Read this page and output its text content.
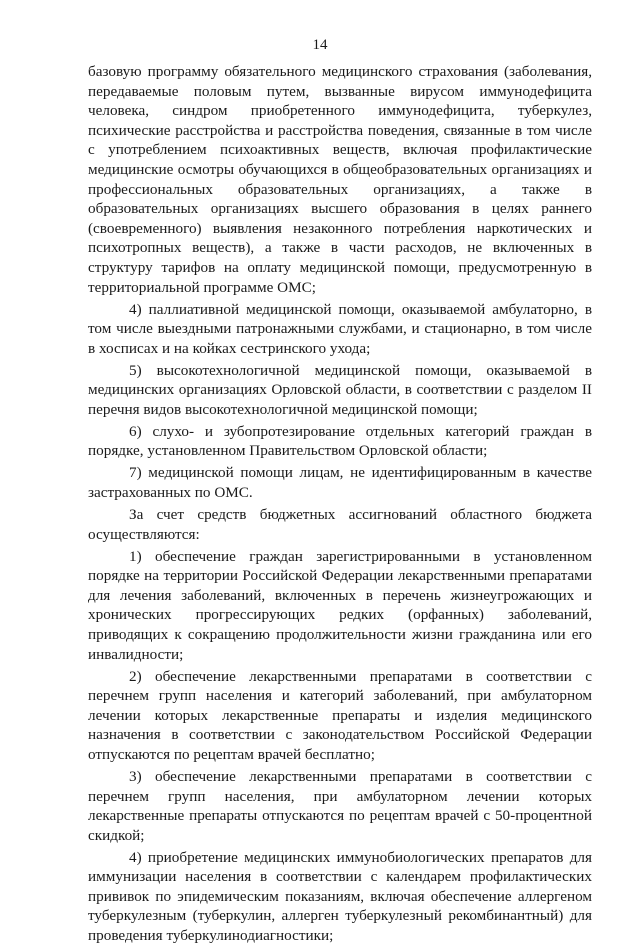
14

базовую программу обязательного медицинского страхования (заболевания, передаваемые половым путем, вызванные вирусом иммунодефицита человека, синдром приобретенного иммунодефицита, туберкулез, психические расстройства и расстройства поведения, связанные в том числе с употреблением психоактивных веществ, включая профилактические медицинские осмотры обучающихся в общеобразовательных организациях и профессиональных образовательных организациях, а также в образовательных организациях высшего образования в целях раннего (своевременного) выявления незаконного потребления наркотических и психотропных веществ), а также в части расходов, не включенных в структуру тарифов на оплату медицинской помощи, предусмотренную в территориальной программе ОМС;

4) паллиативной медицинской помощи, оказываемой амбулаторно, в том числе выездными патронажными службами, и стационарно, в том числе в хосписах и на койках сестринского ухода;

5) высокотехнологичной медицинской помощи, оказываемой в медицинских организациях Орловской области, в соответствии с разделом II перечня видов высокотехнологичной медицинской помощи;

6) слухо- и зубопротезирование отдельных категорий граждан в порядке, установленном Правительством Орловской области;

7) медицинской помощи лицам, не идентифицированным в качестве застрахованных по ОМС.

За счет средств бюджетных ассигнований областного бюджета осуществляются:

1) обеспечение граждан зарегистрированными в установленном порядке на территории Российской Федерации лекарственными препаратами для лечения заболеваний, включенных в перечень жизнеугрожающих и хронических прогрессирующих редких (орфанных) заболеваний, приводящих к сокращению продолжительности жизни гражданина или его инвалидности;

2) обеспечение лекарственными препаратами в соответствии с перечнем групп населения и категорий заболеваний, при амбулаторном лечении которых лекарственные препараты и изделия медицинского назначения в соответствии с законодательством Российской Федерации отпускаются по рецептам врачей бесплатно;

3) обеспечение лекарственными препаратами в соответствии с перечнем групп населения, при амбулаторном лечении которых лекарственные препараты отпускаются по рецептам врачей с 50-процентной скидкой;

4) приобретение медицинских иммунобиологических препаратов для иммунизации населения в соответствии с календарем профилактических прививок по эпидемическим показаниям, включая обеспечение аллергеном туберкулезным (туберкулин, аллерген туберкулезный рекомбинантный) для проведения туберкулинодиагностики;
